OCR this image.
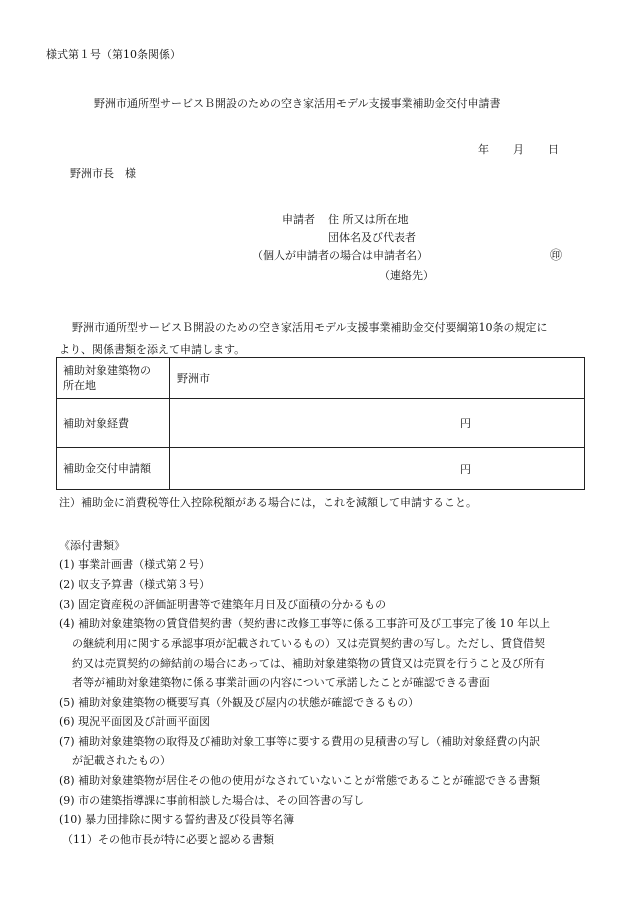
様式第１号（第10条関係）
野洲市通所型サービスＢ開設のための空き家活用モデル支援事業補助金交付申請書
年 月 日
野洲市長　様
申請者 住 所又は所在地
団体名及び代表者
（個人が申請者の場合は申請者名）	㊞
（連絡先）
野洲市通所型サービスＢ開設のための空き家活用モデル支援事業補助金交付要綱第10条の規定に
より、関係書類を添えて申請します。
補助対象建築物の
所在地	野洲市
補助対象経費	円
補助金交付申請額	円
注）補助金に消費税等仕入控除税額がある場合には，これを減額して申請すること。
《添付書類》
(1) 事業計画書（様式第２号）
(2) 収支予算書（様式第３号）
(3) 固定資産税の評価証明書等で建築年月日及び面積の分かるもの
(4) 補助対象建築物の賃貸借契約書（契約書に改修工事等に係る工事許可及び工事完了後 10 年以上
の継続利用に関する承認事項が記載されているもの）又は売買契約書の写し。ただし、賃貸借契
約又は売買契約の締結前の場合にあっては、補助対象建築物の賃貸又は売買を行うこと及び所有
者等が補助対象建築物に係る事業計画の内容について承諾したことが確認できる書面
(5) 補助対象建築物の概要写真（外観及び屋内の状態が確認できるもの）
(6) 現況平面図及び計画平面図
(7) 補助対象建築物の取得及び補助対象工事等に要する費用の見積書の写し（補助対象経費の内訳
が記載されたもの）
(8) 補助対象建築物が居住その他の使用がなされていないことが常態であることが確認できる書類
(9) 市の建築指導課に事前相談した場合は、その回答書の写し
(10) 暴力団排除に関する誓約書及び役員等名簿
（11）その他市長が特に必要と認める書類
